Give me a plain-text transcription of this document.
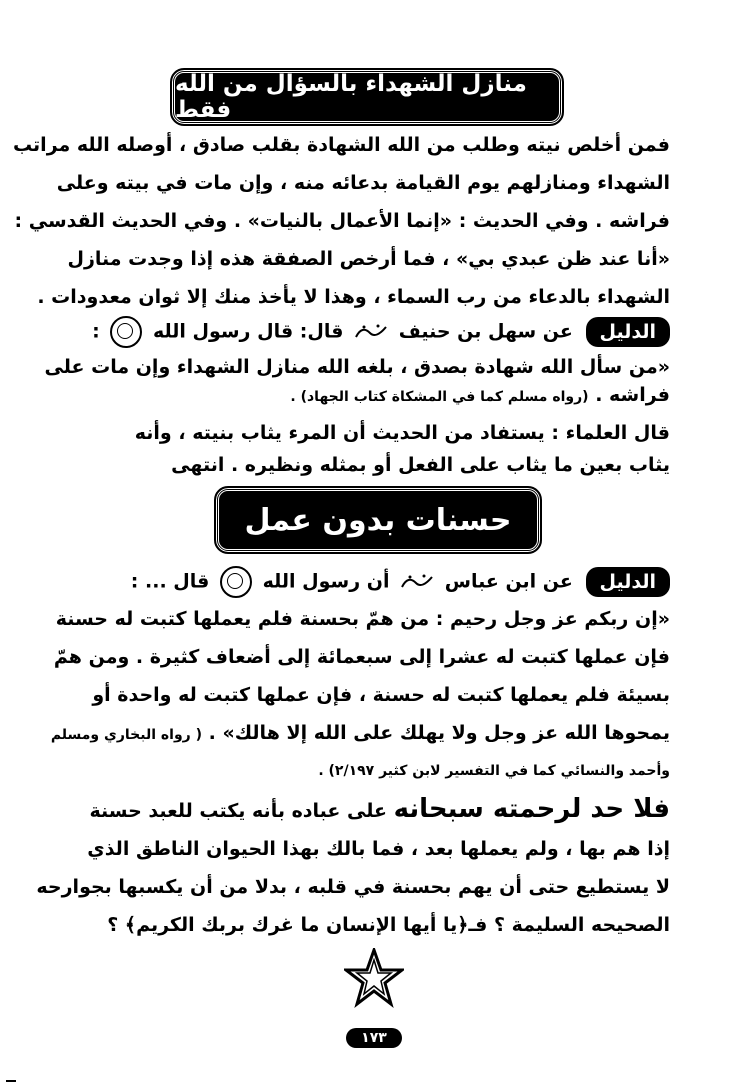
منازل الشهداء بالسؤال من الله فقط
فمن أخلص نيته وطلب من الله الشهادة بقلب صادق ، أوصله الله مراتب
الشهداء ومنازلهم يوم القيامة بدعائه منه ، وإن مات في بيته وعلى
فراشه . وفي الحديث : «إنما الأعمال بالنيات» . وفي الحديث القدسي :
«أنا عند ظن عبدي بي» ، فما أرخص الصفقة هذه إذا وجدت منازل
الشهداء بالدعاء من رب السماء ، وهذا لا يأخذ منك إلا ثوان معدودات .
الدليل عن سهل بن حنيف  قال: قال رسول الله  :
«من سأل الله شهادة بصدق ، بلغه الله منازل الشهداء وإن مات على
فراشه . (رواه مسلم كما في المشكاة كتاب الجهاد) .
قال العلماء : يستفاد من الحديث أن المرء يثاب بنيته ، وأنه
يثاب بعين ما يثاب على الفعل أو بمثله ونظيره . انتهى
حسنات بدون عمل
الدليل عن ابن عباس  أن رسول الله  قال ... :
«إن ربكم عز وجل رحيم : من همّ بحسنة فلم يعملها كتبت له حسنة
فإن عملها كتبت له عشرا إلى سبعمائة إلى أضعاف كثيرة . ومن همّ
بسيئة فلم يعملها كتبت له حسنة ، فإن عملها كتبت له واحدة أو
يمحوها الله عز وجل ولا يهلك على الله إلا هالك» . ( رواه البخاري ومسلم
وأحمد والنسائي كما في التفسير لابن كثير ٢/١٩٧) .
فلا حد لرحمته سبحانه على عباده بأنه يكتب للعبد حسنة
إذا هم بها ، ولم يعملها بعد ، فما بالك بهذا الحيوان الناطق الذي
لا يستطيع حتى أن يهم بحسنة في قلبه ، بدلا من أن يكسبها بجوارحه
الصحيحه السليمة ؟ فـ﴿يا أيها الإنسان ما غرك بربك الكريم﴾ ؟
١٧٣
